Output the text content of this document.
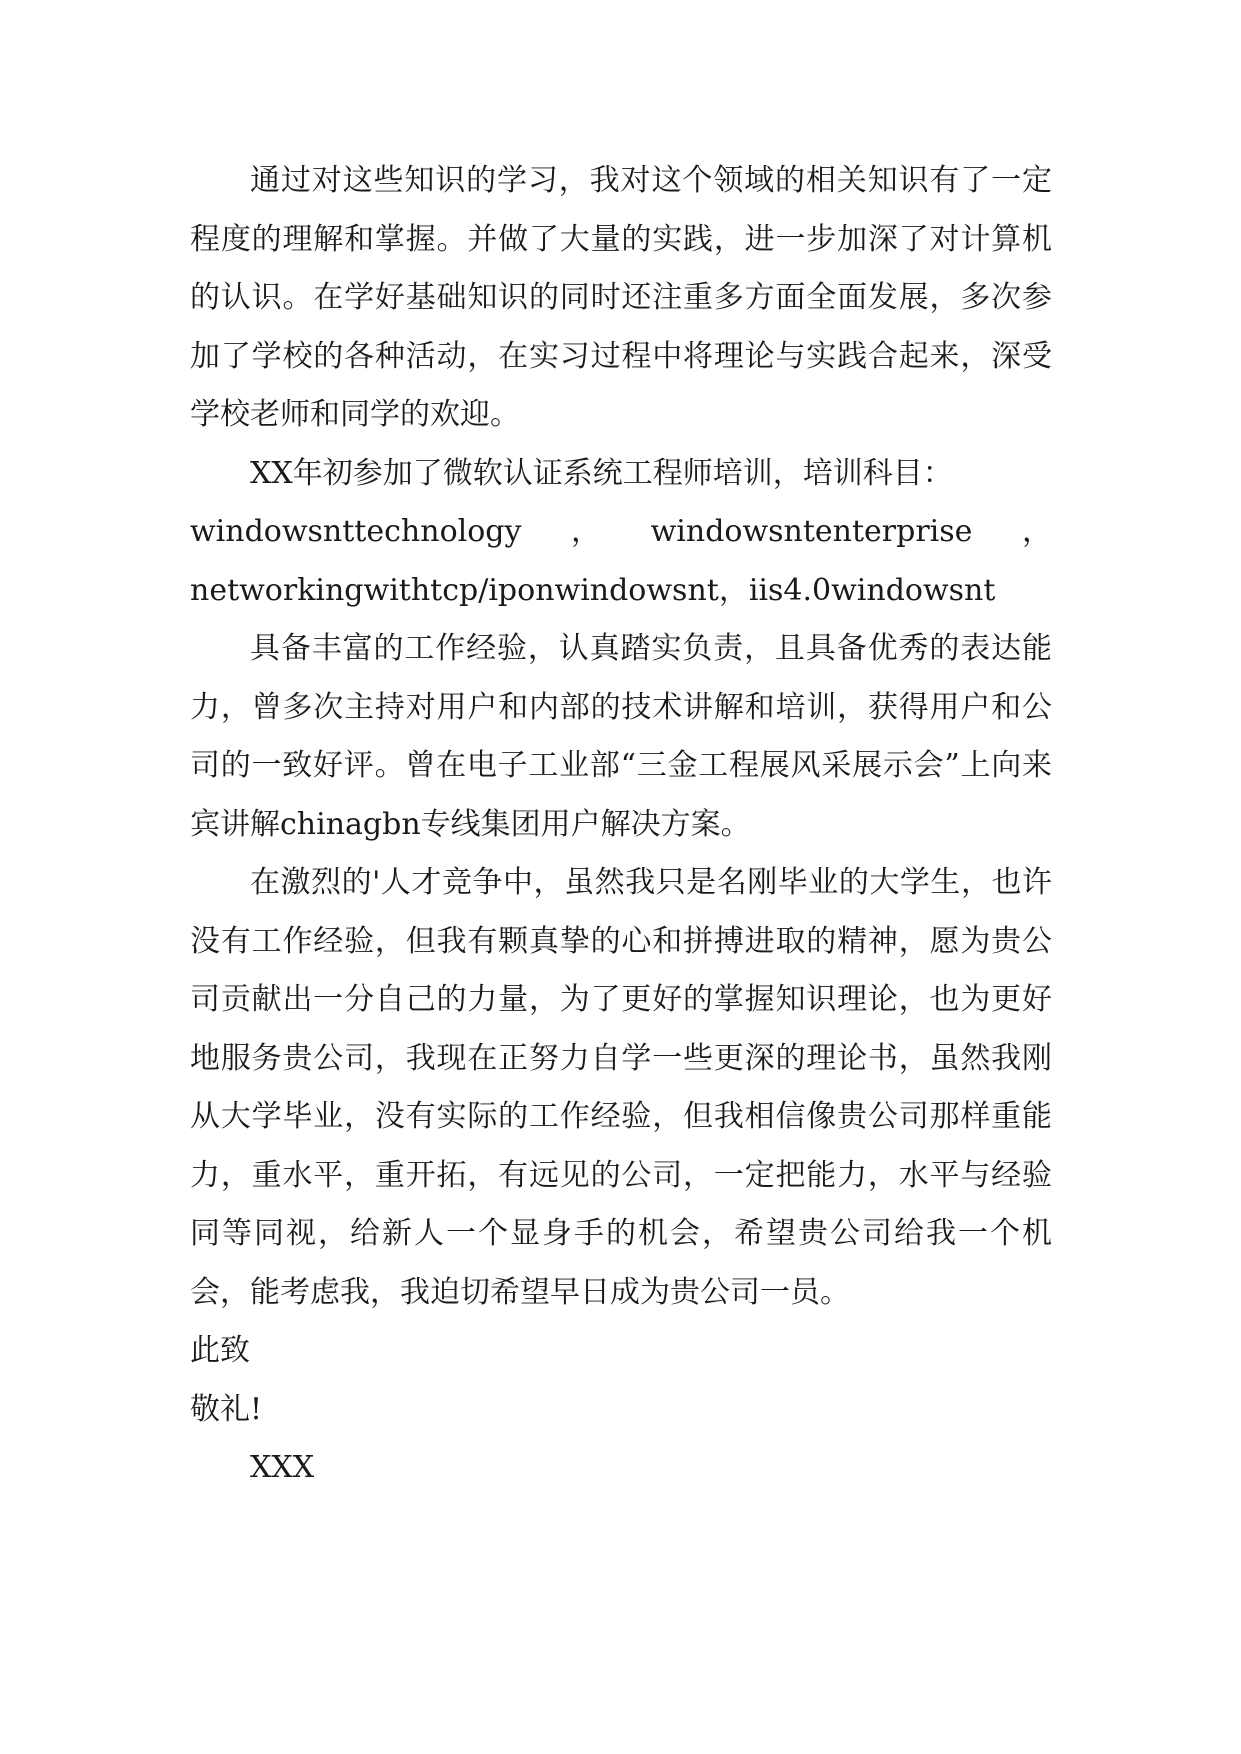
通过对这些知识的学习，我对这个领域的相关知识有了一定程度的理解和掌握。并做了大量的实践，进一步加深了对计算机的认识。在学好基础知识的同时还注重多方面全面发展，多次参加了学校的各种活动，在实习过程中将理论与实践合起来，深受学校老师和同学的欢迎。

XX年初参加了微软认证系统工程师培训，培训科目：
windowsnttechnology ， windowsntenterprise ，
networkingwithtcp/iponwindowsnt，ⅱs4.0windowsnt

具备丰富的工作经验，认真踏实负责，且具备优秀的表达能力，曾多次主持对用户和内部的技术讲解和培训，获得用户和公司的一致好评。曾在电子工业部“三金工程展风采展示会”上向来宾讲解chinagbn专线集团用户解决方案。

在激烈的'人才竞争中，虽然我只是名刚毕业的大学生，也许没有工作经验，但我有颗真挚的心和拼搏进取的精神，愿为贵公司贡献出一分自己的力量，为了更好的掌握知识理论，也为更好地服务贵公司，我现在正努力自学一些更深的理论书，虽然我刚从大学毕业，没有实际的工作经验，但我相信像贵公司那样重能力，重水平，重开拓，有远见的公司，一定把能力，水平与经验同等同视，给新人一个显身手的机会，希望贵公司给我一个机会，能考虑我，我迫切希望早日成为贵公司一员。

此致

敬礼!

XXX
